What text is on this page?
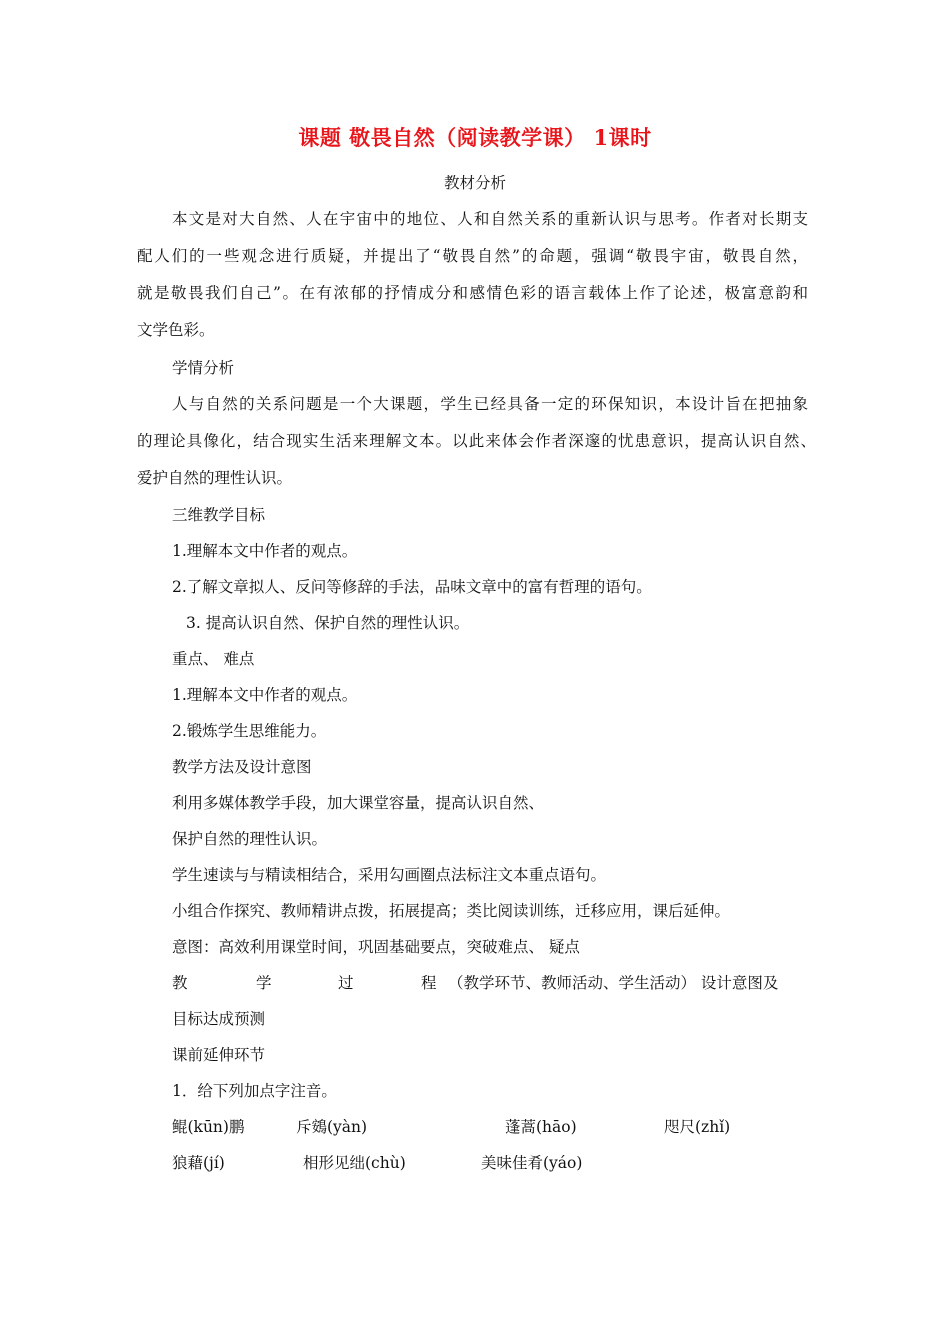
课题 敬畏自然（阅读教学课） 1课时
教材分析
本文是对大自然、人在宇宙中的地位、人和自然关系的重新认识与思考。作者对长期支
配人们的一些观念进行质疑，并提出了“敬畏自然”的命题，强调“敬畏宇宙，敬畏自然，
就是敬畏我们自己”。在有浓郁的抒情成分和感情色彩的语言载体上作了论述，极富意韵和
文学色彩。
学情分析
人与自然的关系问题是一个大课题，学生已经具备一定的环保知识，本设计旨在把抽象
的理论具像化，结合现实生活来理解文本。以此来体会作者深邃的忧患意识，提高认识自然、
爱护自然的理性认识。
三维教学目标
1.理解本文中作者的观点。
2.了解文章拟人、反问等修辞的手法，品味文章中的富有哲理的语句。
3. 提高认识自然、保护自然的理性认识。
重点、 难点
1.理解本文中作者的观点。
2.锻炼学生思维能力。
教学方法及设计意图
利用多媒体教学手段，加大课堂容量，提高认识自然、
保护自然的理性认识。
学生速读与与精读相结合，采用勾画圈点法标注文本重点语句。
小组合作探究、教师精讲点拨，拓展提高；类比阅读训练，迁移应用，课后延伸。
意图：高效利用课堂时间，巩固基础要点，突破难点、 疑点
教	学	过	程 （教学环节、教师活动、学生活动） 设计意图及
目标达成预测
课前延伸环节
1．给下列加点字注音。
鲲(kūn)鹏	斥鴳(yàn)	蓬蒿(hāo)	咫尺(zhǐ)
狼藉(jí)	相形见绌(chù)	美味佳肴(yáo)
